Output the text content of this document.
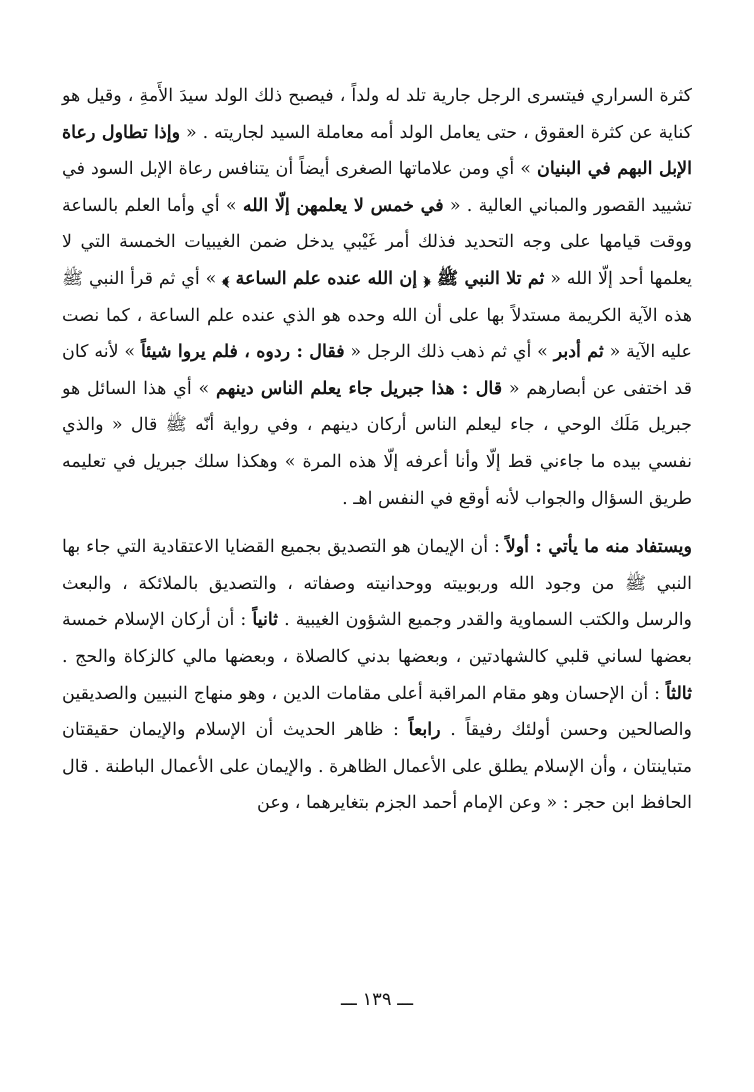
كثرة السراري فيتسرى الرجل جارية تلد له ولداً ، فيصبح ذلك الولد سيدَ الأَمةِ ، وقيل هو كناية عن كثرة العقوق ، حتى يعامل الولد أمه معاملة السيد لجاريته . « وإذا تطاول رعاة الإبل البهم في البنيان » أي ومن علاماتها الصغرى أيضاً أن يتنافس رعاة الإبل السود في تشييد القصور والمباني العالية . « في خمس لا يعلمهن إلّا الله » أي وأما العلم بالساعة ووقت قيامها على وجه التحديد فذلك أمر غَيْبي يدخل ضمن الغيبيات الخمسة التي لا يعلمها أحد إلّا الله « ثم تلا النبي ﷺ ﴿ إن الله عنده علم الساعة ﴾ » أي ثم قرأ النبي ﷺ هذه الآية الكريمة مستدلاً بها على أن الله وحده هو الذي عنده علم الساعة ، كما نصت عليه الآية « ثم أدبر » أي ثم ذهب ذلك الرجل « فقال : ردوه ، فلم يروا شيئاً » لأنه كان قد اختفى عن أبصارهم « قال : هذا جبريل جاء يعلم الناس دينهم » أي هذا السائل هو جبريل مَلَك الوحي ، جاء ليعلم الناس أركان دينهم ، وفي رواية أنّه ﷺ قال « والذي نفسي بيده ما جاءني قط إلّا وأنا أعرفه إلّا هذه المرة » وهكذا سلك جبريل في تعليمه طريق السؤال والجواب لأنه أوقع في النفس اهـ .

ويستفاد منه ما يأتي : أولاً : أن الإيمان هو التصديق بجميع القضايا الاعتقادية التي جاء بها النبي ﷺ من وجود الله وربوبيته ووحدانيته وصفاته ، والتصديق بالملائكة ، والبعث والرسل والكتب السماوية والقدر وجميع الشؤون الغيبية . ثانياً : أن أركان الإسلام خمسة بعضها لساني قلبي كالشهادتين ، وبعضها بدني كالصلاة ، وبعضها مالي كالزكاة والحج . ثالثاً : أن الإحسان وهو مقام المراقبة أعلى مقامات الدين ، وهو منهاج النبيين والصديقين والصالحين وحسن أولئك رفيقاً . رابعاً : ظاهر الحديث أن الإسلام والإيمان حقيقتان متباينتان ، وأن الإسلام يطلق على الأعمال الظاهرة . والإيمان على الأعمال الباطنة . قال الحافظ ابن حجر : « وعن الإمام أحمد الجزم بتغايرهما ، وعن

ـــ ١٣٩ ـــ
